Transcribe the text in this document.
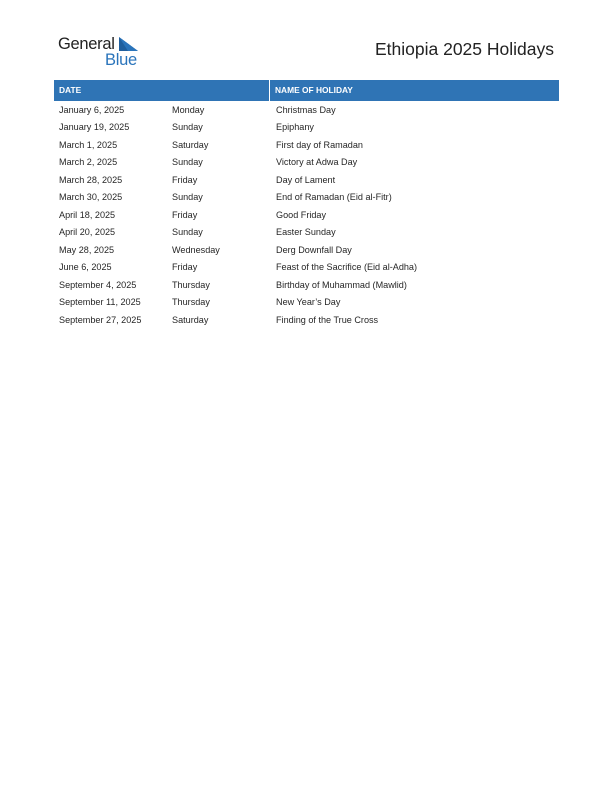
General
Blue
Ethiopia 2025 Holidays
DATE	NAME OF HOLIDAY
January 6, 2025	Monday	Christmas Day
January 19, 2025	Sunday	Epiphany
March 1, 2025	Saturday	First day of Ramadan
March 2, 2025	Sunday	Victory at Adwa Day
March 28, 2025	Friday	Day of Lament
March 30, 2025	Sunday	End of Ramadan (Eid al-Fitr)
April 18, 2025	Friday	Good Friday
April 20, 2025	Sunday	Easter Sunday
May 28, 2025	Wednesday	Derg Downfall Day
June 6, 2025	Friday	Feast of the Sacrifice (Eid al-Adha)
September 4, 2025	Thursday	Birthday of Muhammad (Mawlid)
September 11, 2025	Thursday	New Year’s Day
September 27, 2025	Saturday	Finding of the True Cross
